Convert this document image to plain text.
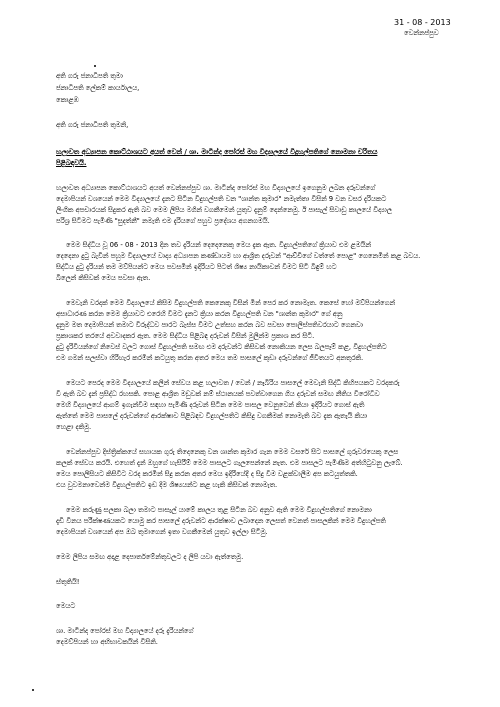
31 - 08 - 2013
වෙන්නප්පුව
අති ගරු ජනාධිපති තුමා
ජනාධිපති ලේකම් කාර්යාලය,
කොළඹ
අති ගරු ජනාධිපති තුමනි,
හලාවත අධ්‍යාපන කොට්ඨාශයට අයත් වෙන් / ශා. මාටින්ද පෝරස් මහ විද්‍යාලයේ විදුහල්පතිගේ නොමනා චරිතය
පිළිබඳවයි.
හලාවත අධ්‍යාපන කොට්ඨාශයට අයත් වෙන්නප්පුව ශා. මාටින්ද පෝරස් මහ විද්‍යාලයේ ඉගෙනුම ලබන දරුවන්ගේ
දෙමාපියන් වශයෙන් මෙම විද්‍යාලයේ දැනට සිටින විදුහල්පති වන "ශාන්ත කුමාර" නමැත්තා විසින් 9 වන වසර දැරියකට
ලිංගික අපචාරයක් සිදුකර ඇති බව මෙම ලිපිය මගින් වගකීමෙන් යුතුව දැනුම් දෙන්නෙමු. ඊ පාසැල් සිවාඩු කාලයේ විද්‍යාල
පරිශ්‍ර සිටීමට පැමිණි "සුදත්නී" නමැති එම දැරියගේ පහුව ප්‍රදේශය අගනගමයි.
මෙම සිද්ධිය වූ 06 - 08 - 2013 දින තව දැරියන් දෙදෙනෙකු මෙය දැක ඇත. විදුහල්පතිගේ ක්‍රියාව එම ළමයින්
දෙදෙනා දුටු බැවින් පහුම විද්‍යාලයේ වාද්‍ය අධ්‍යාපන කණ්ඩායම හා ආශ්‍රිත දරුවන් "ආච්චිගේ වත්තේ පොළ" ගෙනෙමින් කළ බවය.
සිද්ධිය දුටු දැරියන් තම මව්පියන්ට මෙය පවසමින් ඉදිරියට පිටත් ශිෂ්‍ය නායිකාවන් වීමට සිටි බිඳුම් හට
බිලෙන් කිසිවක් මෙය පවසා ඇත.
මෙවැනි වරදක් මෙම විද්‍යාලයේ කිසිම විදුහල්පති කෙනෙකු විසින් මින් පෙර කර නොමැත. කෙසේ හෝ මව්පියන්ගෙන්
අසාධාරණ කරන මෙම ක්‍රියාවට එරෙහි වීමට දැනට ක්‍රියා කරන විදුහල්පති වන "ශාන්ත කුමාර" ගේ අනු
දැනුම මත දෙමාපියන් තමාට විරුද්ධව පාරට බැස්ස විමට උත්සහ කරන බව පවසා පොලිස්පතිවරයාට ගෙනවා
ප්‍රකාශකර තරයේ අවවාදකර ඇත. මෙම සිද්ධිය පිළිබඳ දරුවන් විසින් මුලින්ම ප්‍රකාශ කර සිටි.
දුටු දැරිවියන්ගේ නිවෙස් වලට ගොස් විදුහල්පති සමඟ එම දරුවන්ට කිසිවක් නොකියන ලෙස බලපෑම් කළ, විදුහල්පතිට
එම ගමන් සලස්වා හිරිහැර කරමින් කටයුතු කරන අතර මෙය තම පාසලේ කුඩා දරුවන්ගේ ජීවිතයට අනතුරකි.
මෙයට පෙරද මෙම විද්‍යාලයේ කලින් සේවය කළ හලාවත / වෙන් / නෑබිරිය පාසලේ මෙවැනි සිද්ධි කිහිපයකට වරදකරු
වී ඇති බව දැන් ප්‍රසිද්ධ රහසකි. පොළ ආශ්‍රිත මඩුවක් නම් ස්ථානයක් පවත්වාගෙන ගිය දරුවන් සමඟ නීතිය විරෝධීව
මෙහි විද්‍යාලයේ ආගම් ඉගැන්වීම සඳහා පැමිණි දරුවන් සිටින මෙම පාසල වෙනුවෙන් කියා ඉදිරියට ගොස් ඇති
ඇත්තේ මෙම පාසලේ දරුවන්ගේ ආරක්ෂාව පිළිබඳව විදුහල්පතිට කිසිදු වගකීමක් නොමැති බව දැක ඇතැයි කියා
හෙළා දකිමු.
වෙන්නප්පුව දිස්ත්‍රික්කයේ සහායක ගුරු තිදෙනෙකු වන ශාන්ත කුමාර ගැන මෙම වසරේ සිට පාසලේ ගුරුවරයෙකු ලෙස
කලක් සේවය කරයි. එහෙත් දැන් ඔහුගේ හැසිරීම් මෙම පාසලට ගැලපෙන්නේ නැත. එම පාසලට පැමිණීම අත්හිටුවනු ලැබේ.
මෙය පොලිසියට කිසිවිට වරද කරමින් සිදු කරන අතර මෙය ඉදිරියේදී ද සිදු වීම වළක්වාලීම අප කටයුත්තකි.
එය වුවමනාවෙන්ම විදුහල්පතිට ඉඩ දීම ශිෂ්‍යයන්ට කළ හැකි කිසිවක් නොමැත.
මෙම කරුණු සලකා බලා තමාට පාසැල් යාමේ කාලය තුළ සිටින බව අනුව ඇති මෙම විදුහල්පතිගේ නොමනා
දැඩි විනය පරීක්ෂණයකට යොමු කර පාසලේ දරුවන්ට ආරක්ෂාව ලබාදෙන ලෙසත් වෙනත් පාසලකින් මෙම විදුහල්පති
දෙමාපියන් වශයෙන් අප ඔබ තුමාගෙන් ඉතා වගකීමෙන් යුතුව ඉල්ලා සිටිමු.
මෙම ලිපිය සමඟ අදාළ දෙපාර්තමේන්තුවලට ද ලිපි යවා ඇත්තෙමු.
ස්තුතියි!
මෙයට
ශා. මාටින්ද පෝරස් මහ විද්‍යාලයේ දරු දැරියන්ගේ
දෙමව්පියන් හා අභිභාවකයින් විසිනි.
